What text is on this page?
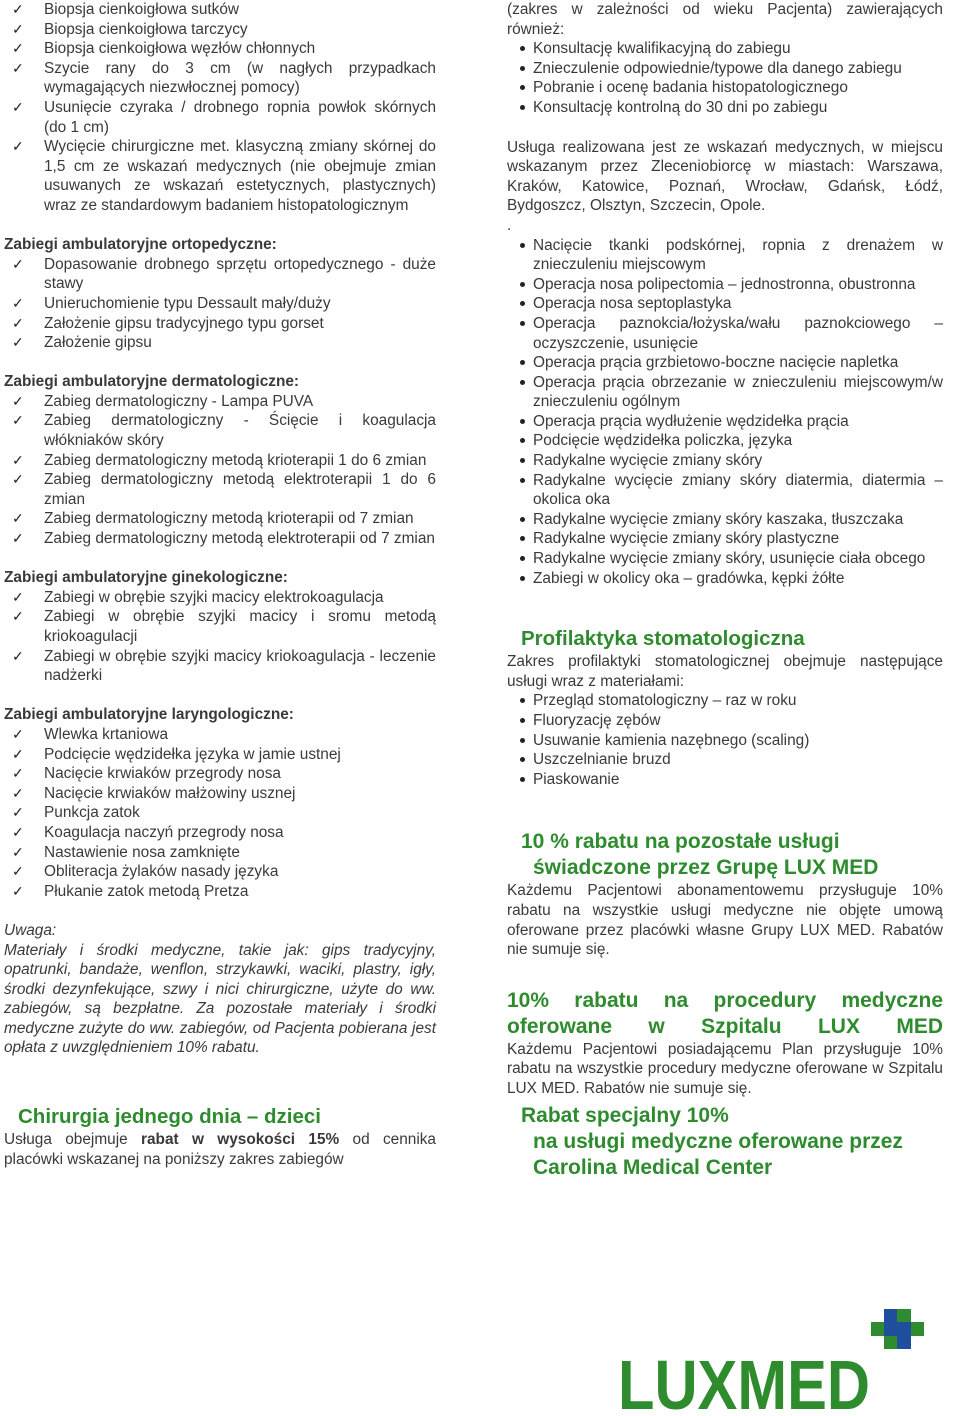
✓ Biopsja cienkoigłowa sutków
✓ Biopsja cienkoigłowa tarczycy
✓ Biopsja cienkoigłowa węzłów chłonnych
✓ Szycie rany do 3 cm (w nagłych przypadkach wymagających niezwłocznej pomocy)
✓ Usunięcie czyraka / drobnego ropnia powłok skórnych (do 1 cm)
✓ Wycięcie chirurgiczne met. klasyczną zmiany skórnej do 1,5 cm ze wskazań medycznych (nie obejmuje zmian usuwanych ze wskazań estetycznych, plastycznych) wraz ze standardowym badaniem histopatologicznym

Zabiegi ambulatoryjne ortopedyczne:

✓ Dopasowanie drobnego sprzętu ortopedycznego - duże stawy
✓ Unieruchomienie typu Dessault mały/duży
✓ Założenie gipsu tradycyjnego typu gorset
✓ Założenie gipsu

Zabiegi ambulatoryjne dermatologiczne:

✓ Zabieg dermatologiczny - Lampa PUVA
✓ Zabieg dermatologiczny - Ścięcie i koagulacja włókniaków skóry
✓ Zabieg dermatologiczny metodą krioterapii 1 do 6 zmian
✓ Zabieg dermatologiczny metodą elektroterapii 1 do 6 zmian
✓ Zabieg dermatologiczny metodą krioterapii od 7 zmian
✓ Zabieg dermatologiczny metodą elektroterapii od 7 zmian

Zabiegi ambulatoryjne ginekologiczne:

✓ Zabiegi w obrębie szyjki macicy elektrokoagulacja
✓ Zabiegi w obrębie szyjki macicy i sromu metodą kriokoagulacji
✓ Zabiegi w obrębie szyjki macicy kriokoagulacja - leczenie nadżerki

Zabiegi ambulatoryjne laryngologiczne:

✓ Wlewka krtaniowa
✓ Podcięcie wędzidełka języka w jamie ustnej
✓ Nacięcie krwiaków przegrody nosa
✓ Nacięcie krwiaków małżowiny usznej
✓ Punkcja zatok
✓ Koagulacja naczyń przegrody nosa
✓ Nastawienie nosa zamknięte
✓ Obliteracja żylaków nasady języka
✓ Płukanie zatok metodą Pretza

Uwaga:

Materiały i środki medyczne, takie jak: gips tradycyjny, opatrunki, bandaże, wenflon, strzykawki, waciki, plastry, igły, środki dezynfekujące, szwy i nici chirurgiczne, użyte do ww. zabiegów, są bezpłatne. Za pozostałe materiały i środki medyczne zużyte do ww. zabiegów, od Pacjenta pobierana jest opłata z uwzględnieniem 10% rabatu.

Chirurgia jednego dnia – dzieci

Usługa obejmuje rabat w wysokości 15% od cennika placówki wskazanej na poniższy zakres zabiegów

(zakres w zależności od wieku Pacjenta) zawierających również:

Konsultację kwalifikacyjną do zabiegu
Znieczulenie odpowiednie/typowe dla danego zabiegu
Pobranie i ocenę badania histopatologicznego
Konsultację kontrolną do 30 dni po zabiegu

Usługa realizowana jest ze wskazań medycznych, w miejscu wskazanym przez Zleceniobiorcę w miastach: Warszawa, Kraków, Katowice, Poznań, Wrocław, Gdańsk, Łódź, Bydgoszcz, Olsztyn, Szczecin, Opole.

.

Nacięcie tkanki podskórnej, ropnia z drenażem w znieczuleniu miejscowym
Operacja nosa polipectomia – jednostronna, obustronna
Operacja nosa septoplastyka
Operacja paznokcia/łożyska/wału paznokciowego – oczyszczenie, usunięcie
Operacja prącia grzbietowo-boczne nacięcie napletka
Operacja prącia obrzezanie w znieczuleniu miejscowym/w znieczuleniu ogólnym
Operacja prącia wydłużenie wędzidełka prącia
Podcięcie wędzidełka policzka, języka
Radykalne wycięcie zmiany skóry
Radykalne wycięcie zmiany skóry diatermia, diatermia – okolica oka
Radykalne wycięcie zmiany skóry kaszaka, tłuszczaka
Radykalne wycięcie zmiany skóry plastyczne
Radykalne wycięcie zmiany skóry, usunięcie ciała obcego
Zabiegi w okolicy oka – gradówka, kępki żółte

Profilaktyka stomatologiczna

Zakres profilaktyki stomatologicznej obejmuje następujące usługi wraz z materiałami:

Przegląd stomatologiczny – raz w roku
Fluoryzację zębów
Usuwanie kamienia nazębnego (scaling)
Uszczelnianie bruzd
Piaskowanie

10 % rabatu na pozostałe usługi

świadczone przez Grupę LUX MED

Każdemu Pacjentowi abonamentowemu przysługuje 10% rabatu na wszystkie usługi medyczne nie objęte umową oferowane przez placówki własne Grupy LUX MED. Rabatów nie sumuje się.

10% rabatu na procedury medyczne oferowane w Szpitalu LUX MED

Każdemu Pacjentowi posiadającemu Plan przysługuje 10% rabatu na wszystkie procedury medyczne oferowane w Szpitalu LUX MED. Rabatów nie sumuje się.

Rabat specjalny 10%

na usługi medyczne oferowane przez

Carolina Medical Center

LUXMED
